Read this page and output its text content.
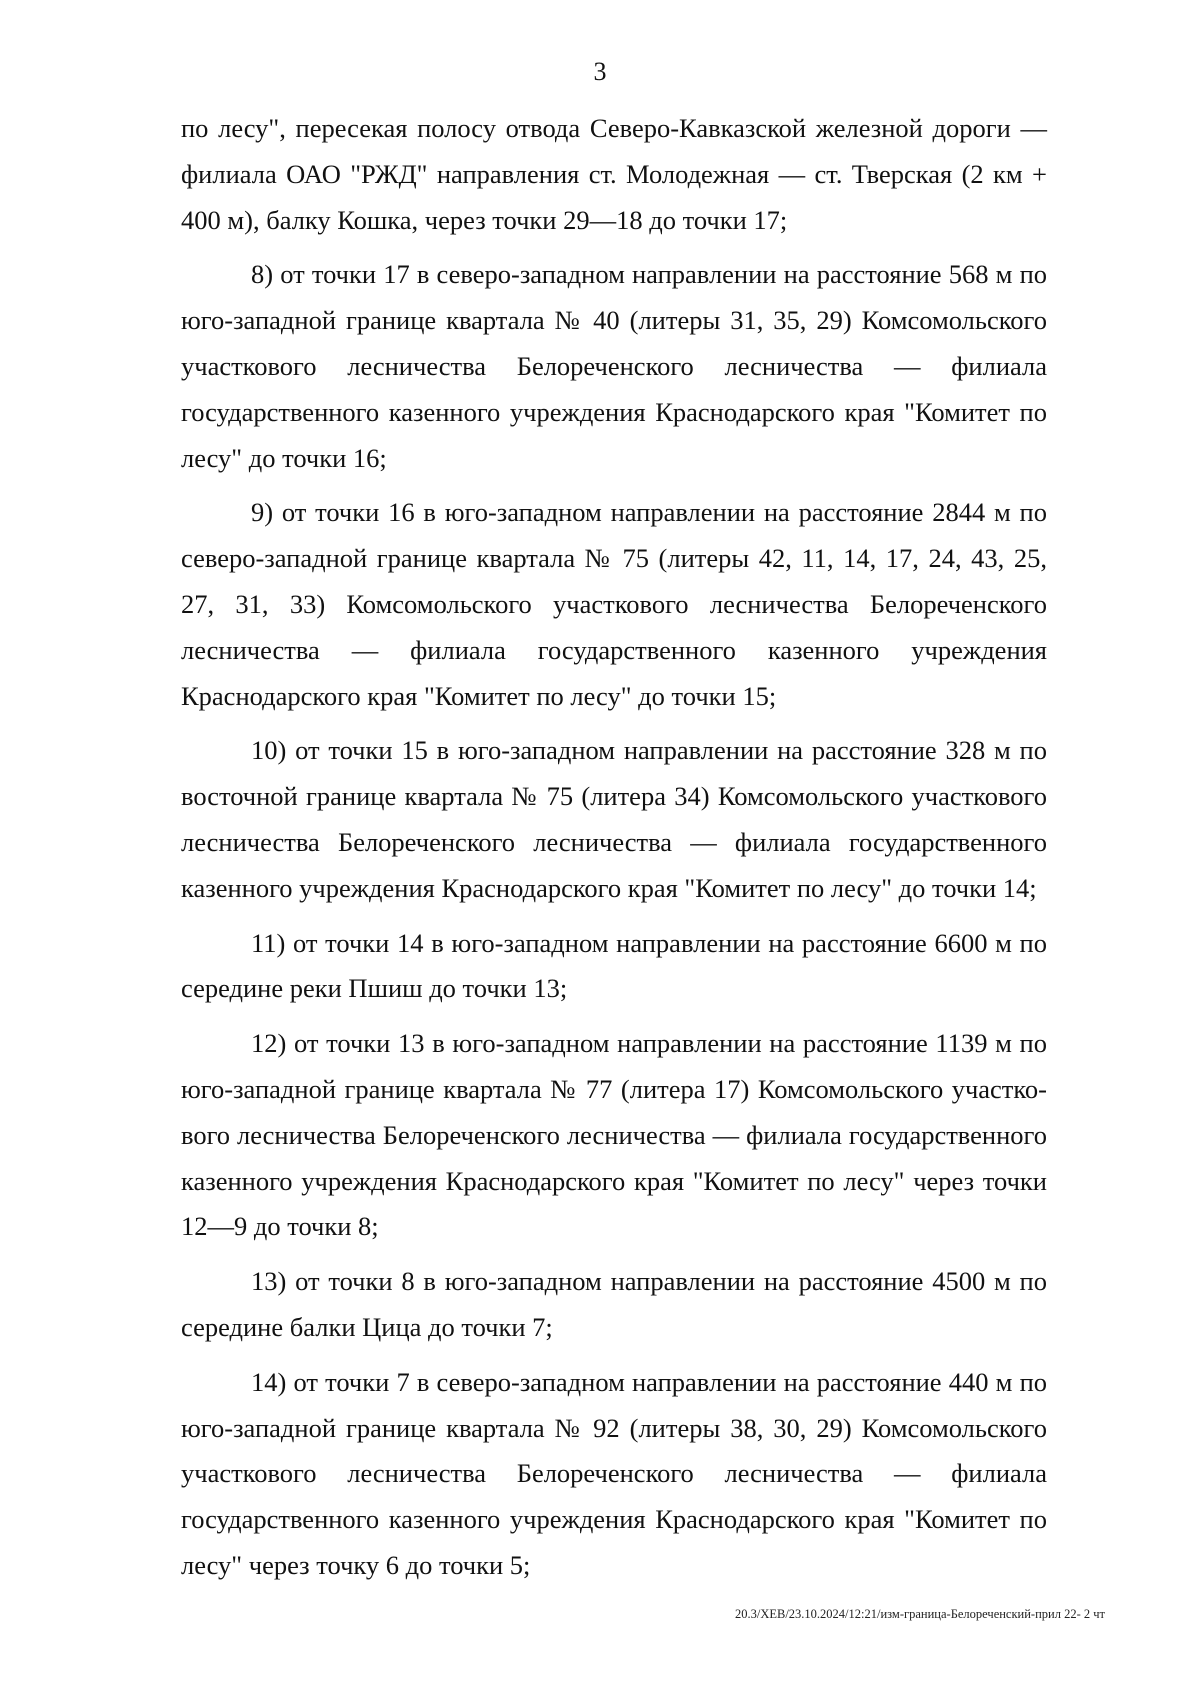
3

по лесу", пересекая полосу отвода Северо-Кавказской железной дороги — филиала ОАО "РЖД" направления ст. Молодежная — ст. Тверская (2 км + 400 м), балку Кошка, через точки 29—18 до точки 17;

8) от точки 17 в северо-западном направлении на расстояние 568 м по юго-западной границе квартала № 40 (литеры 31, 35, 29) Комсомольского участкового лесничества Белореченского лесничества — филиала государственного казенного учреждения Краснодарского края "Комитет по лесу" до точки 16;

9) от точки 16 в юго-западном направлении на расстояние 2844 м по северо-западной границе квартала № 75 (литеры 42, 11, 14, 17, 24, 43, 25, 27, 31, 33) Комсомольского участкового лесничества Белореченского лесничества — филиала государственного казенного учреждения Краснодарского края "Комитет по лесу" до точки 15;

10) от точки 15 в юго-западном направлении на расстояние 328 м по восточной границе квартала № 75 (литера 34) Комсомольского участкового лесничества Белореченского лесничества — филиала государственного казенного учреждения Краснодарского края "Комитет по лесу" до точки 14;

11) от точки 14 в юго-западном направлении на расстояние 6600 м по середине реки Пшиш до точки 13;

12) от точки 13 в юго-западном направлении на расстояние 1139 м по юго-западной границе квартала № 77 (литера 17) Комсомольского участкового лесничества Белореченского лесничества — филиала государственного казенного учреждения Краснодарского края "Комитет по лесу" через точки 12—9 до точки 8;

13) от точки 8 в юго-западном направлении на расстояние 4500 м по середине балки Цица до точки 7;

14) от точки 7 в северо-западном направлении на расстояние 440 м по юго-западной границе квартала № 92 (литеры 38, 30, 29) Комсомольского участкового лесничества Белореченского лесничества — филиала государственного казенного учреждения Краснодарского края "Комитет по лесу" через точку 6 до точки 5;

20.3/ХЕВ/23.10.2024/12:21/изм-граница-Белореченский-прил 22- 2 чт
